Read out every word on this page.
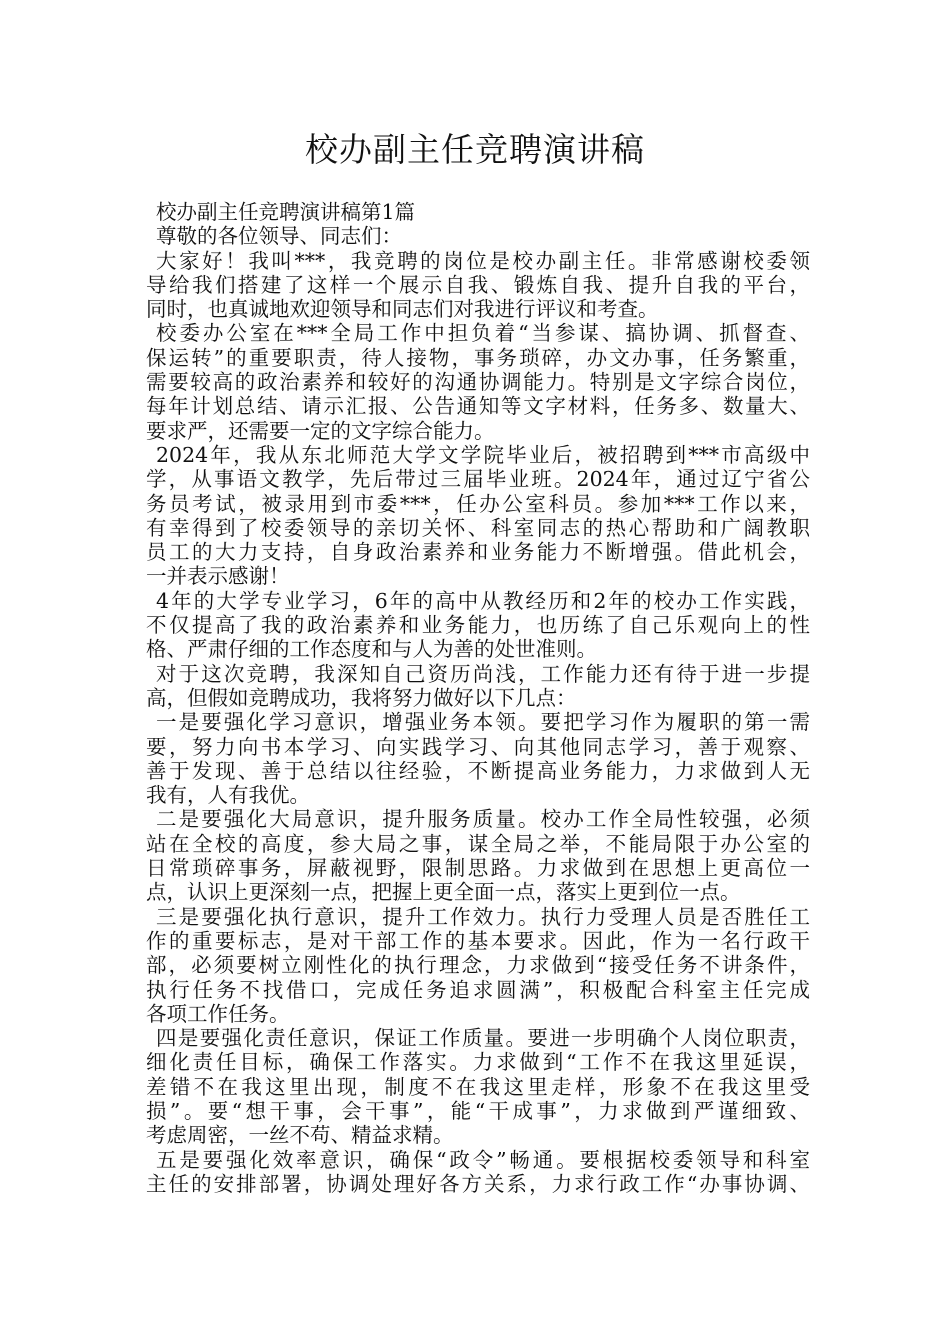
校办副主任竞聘演讲稿

校办副主任竞聘演讲稿第1篇

尊敬的各位领导、同志们：

大家好！我叫***，我竞聘的岗位是校办副主任。非常感谢校委领

导给我们搭建了这样一个展示自我、锻炼自我、提升自我的平台，

同时，也真诚地欢迎领导和同志们对我进行评议和考查。

校委办公室在***全局工作中担负着“当参谋、搞协调、抓督查、

保运转”的重要职责，待人接物，事务琐碎，办文办事，任务繁重，

需要较高的政治素养和较好的沟通协调能力。特别是文字综合岗位，

每年计划总结、请示汇报、公告通知等文字材料，任务多、数量大、

要求严，还需要一定的文字综合能力。

2024年，我从东北师范大学文学院毕业后，被招聘到***市高级中

学，从事语文教学，先后带过三届毕业班。2024年，通过辽宁省公

务员考试，被录用到市委***，任办公室科员。参加***工作以来，

有幸得到了校委领导的亲切关怀、科室同志的热心帮助和广阔教职

员工的大力支持，自身政治素养和业务能力不断增强。借此机会，

一并表示感谢！

4年的大学专业学习，6年的高中从教经历和2年的校办工作实践，

不仅提高了我的政治素养和业务能力，也历练了自己乐观向上的性

格、严肃仔细的工作态度和与人为善的处世准则。

对于这次竞聘，我深知自己资历尚浅，工作能力还有待于进一步提

高，但假如竞聘成功，我将努力做好以下几点：

一是要强化学习意识，增强业务本领。要把学习作为履职的第一需

要，努力向书本学习、向实践学习、向其他同志学习，善于观察、

善于发现、善于总结以往经验，不断提高业务能力，力求做到人无

我有，人有我优。

二是要强化大局意识，提升服务质量。校办工作全局性较强，必须

站在全校的高度，参大局之事，谋全局之举，不能局限于办公室的

日常琐碎事务，屏蔽视野，限制思路。力求做到在思想上更高位一

点，认识上更深刻一点，把握上更全面一点，落实上更到位一点。

三是要强化执行意识，提升工作效力。执行力受理人员是否胜任工

作的重要标志，是对干部工作的基本要求。因此，作为一名行政干

部，必须要树立刚性化的执行理念，力求做到“接受任务不讲条件，

执行任务不找借口，完成任务追求圆满”，积极配合科室主任完成

各项工作任务。

四是要强化责任意识，保证工作质量。要进一步明确个人岗位职责，

细化责任目标，确保工作落实。力求做到“工作不在我这里延误，

差错不在我这里出现，制度不在我这里走样，形象不在我这里受

损”。要“想干事，会干事”，能“干成事”，力求做到严谨细致、

考虑周密，一丝不苟、精益求精。

五是要强化效率意识，确保“政令”畅通。要根据校委领导和科室

主任的安排部署，协调处理好各方关系，力求行政工作“办事协调、
